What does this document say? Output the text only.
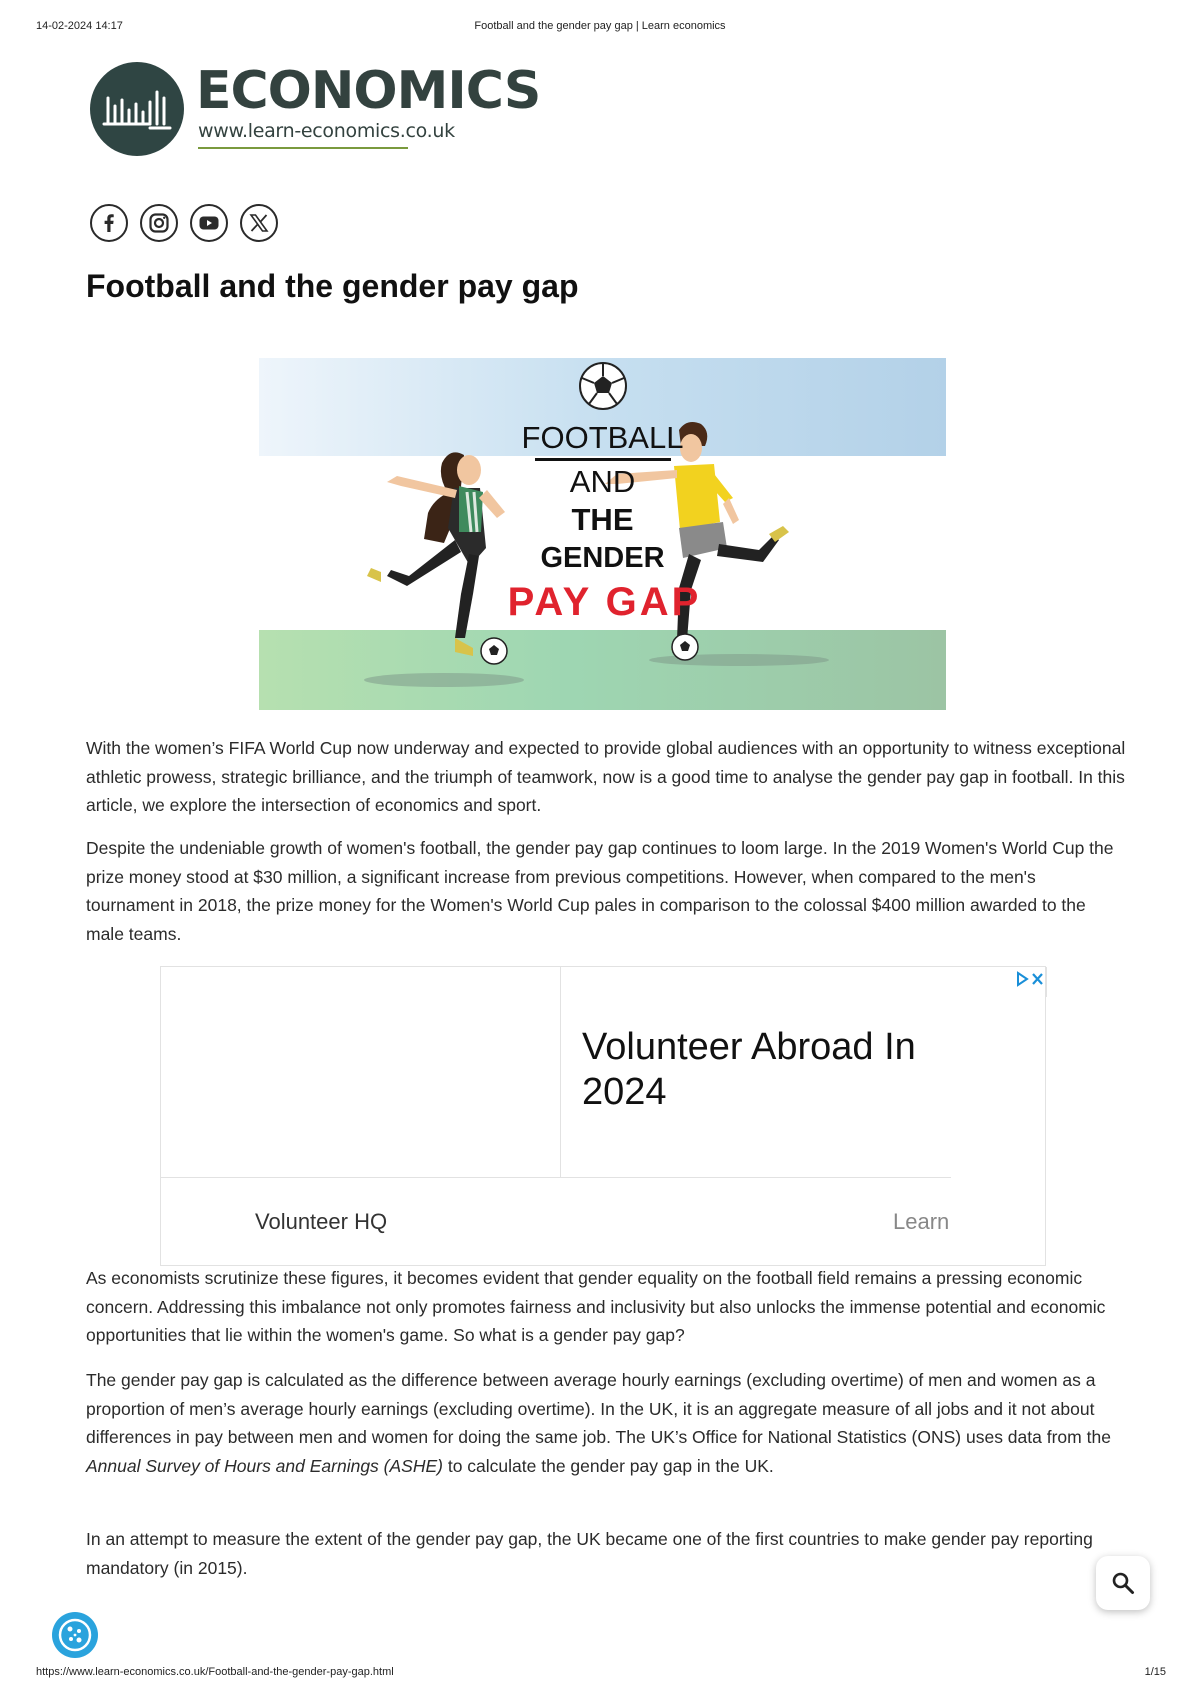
14-02-2024 14:17	Football and the gender pay gap | Learn economics
ECONOMICS
www.learn-economics.co.uk
Football and the gender pay gap
FOOTBALL
AND
THE
GENDER
PAY GAP

With the women’s FIFA World Cup now underway and expected to provide global audiences with an opportunity to witness exceptional athletic prowess, strategic brilliance, and the triumph of teamwork, now is a good time to analyse the gender pay gap in football. In this article, we explore the intersection of economics and sport.

Despite the undeniable growth of women's football, the gender pay gap continues to loom large. In the 2019 Women's World Cup the prize money stood at $30 million, a significant increase from previous competitions. However, when compared to the men's tournament in 2018, the prize money for the Women's World Cup pales in comparison to the colossal $400 million awarded to the male teams.

Volunteer Abroad In 2024
Volunteer HQ	Learn

As economists scrutinize these figures, it becomes evident that gender equality on the football field remains a pressing economic concern. Addressing this imbalance not only promotes fairness and inclusivity but also unlocks the immense potential and economic opportunities that lie within the women's game. So what is a gender pay gap?

The gender pay gap is calculated as the difference between average hourly earnings (excluding overtime) of men and women as a proportion of men’s average hourly earnings (excluding overtime). In the UK, it is an aggregate measure of all jobs and it not about differences in pay between men and women for doing the same job. The UK’s Office for National Statistics (ONS) uses data from the Annual Survey of Hours and Earnings (ASHE) to calculate the gender pay gap in the UK.

In an attempt to measure the extent of the gender pay gap, the UK became one of the first countries to make gender pay reporting mandatory (in 2015).

https://www.learn-economics.co.uk/Football-and-the-gender-pay-gap.html	1/15
